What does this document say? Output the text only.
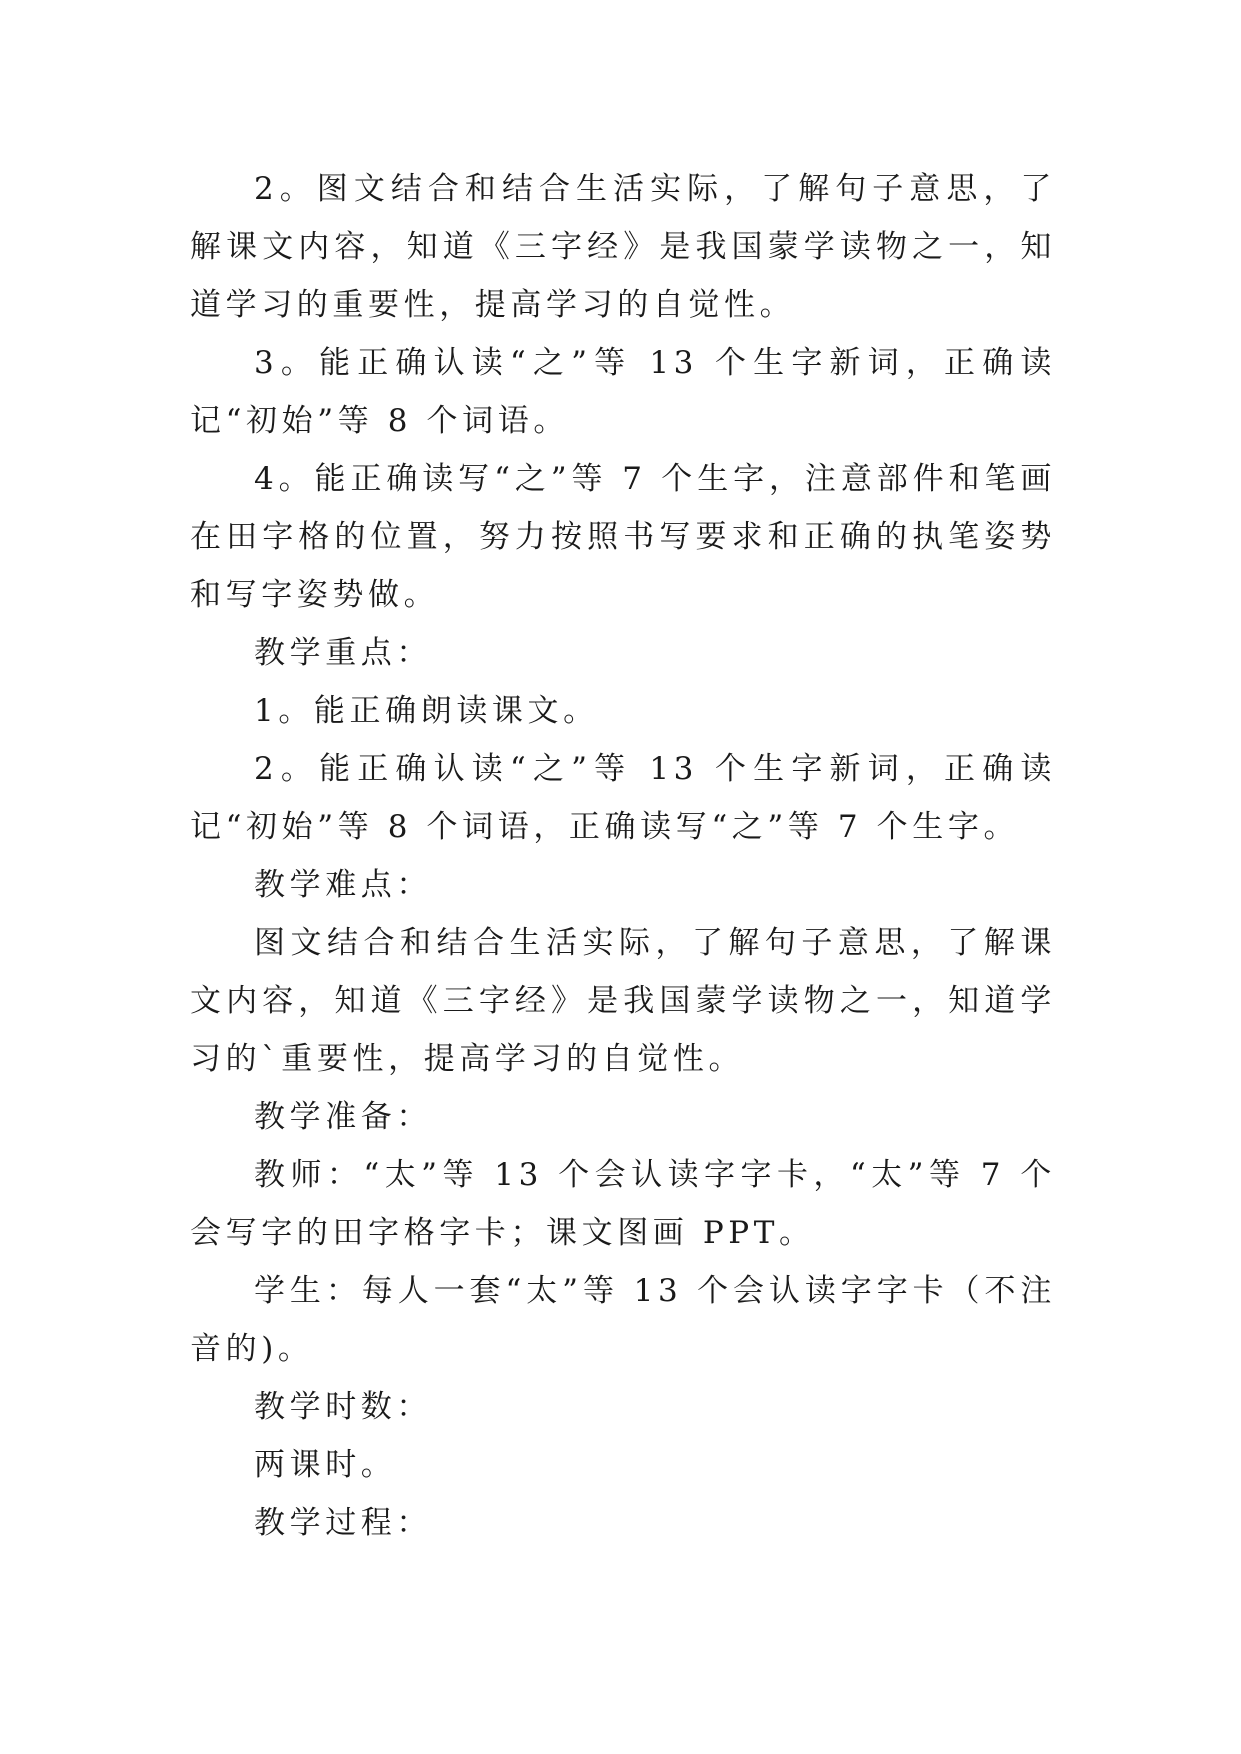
2。图文结合和结合生活实际，了解句子意思，了解课文内容，知道《三字经》是我国蒙学读物之一，知道学习的重要性，提高学习的自觉性。

3。能正确认读“之”等 13 个生字新词，正确读记“初始”等 8 个词语。

4。能正确读写“之”等 7 个生字，注意部件和笔画在田字格的位置，努力按照书写要求和正确的执笔姿势和写字姿势做。

教学重点：

1。能正确朗读课文。

2。能正确认读“之”等 13 个生字新词，正确读记“初始”等 8 个词语，正确读写“之”等 7 个生字。

教学难点：

图文结合和结合生活实际，了解句子意思，了解课文内容，知道《三字经》是我国蒙学读物之一，知道学习的`重要性，提高学习的自觉性。

教学准备：

教师：“太”等 13 个会认读字字卡，“太”等 7 个会写字的田字格字卡；课文图画 PPT。

学生：每人一套“太”等 13 个会认读字字卡（不注音的)。

教学时数：

两课时。

教学过程：
